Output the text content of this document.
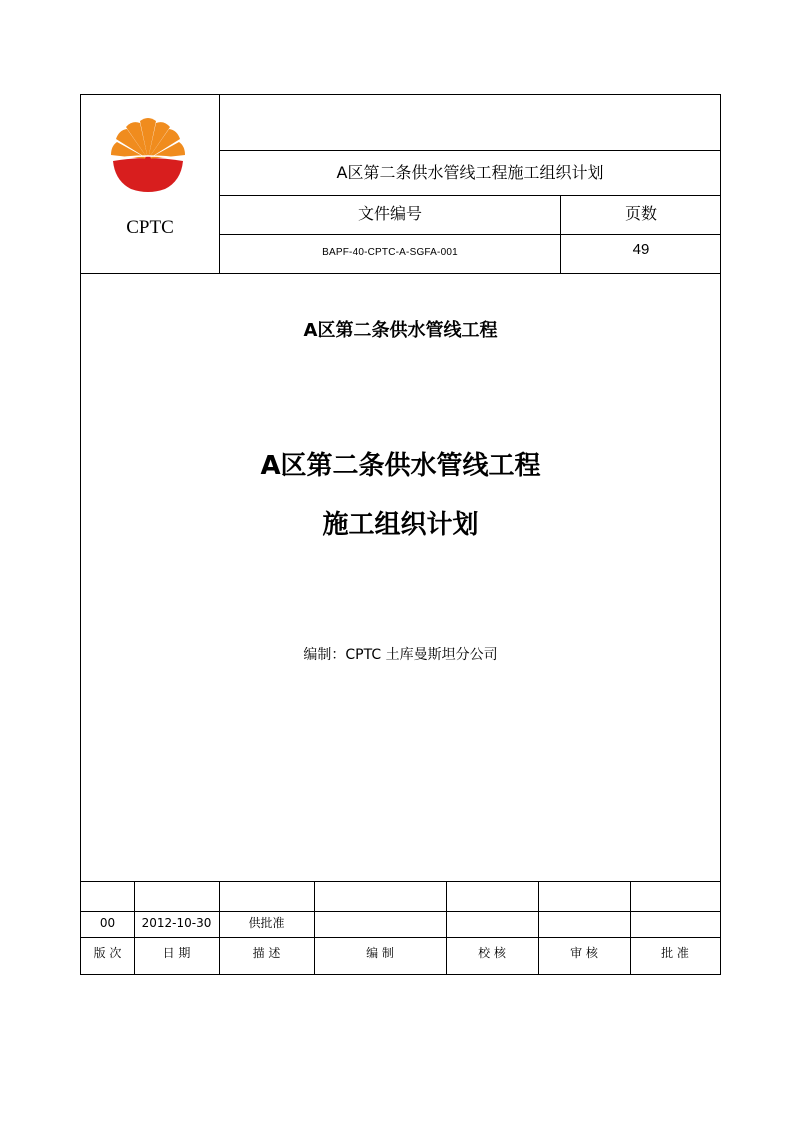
CPTC
A区第二条供水管线工程施工组织计划
文件编号	页数
BAPF-40-CPTC-A-SGFA-001	49
A区第二条供水管线工程
A区第二条供水管线工程
施工组织计划
编制：CPTC 土库曼斯坦分公司
00	2012-10-30	供批准
版 次	日 期	描 述	编 制	校 核	审 核	批 准
